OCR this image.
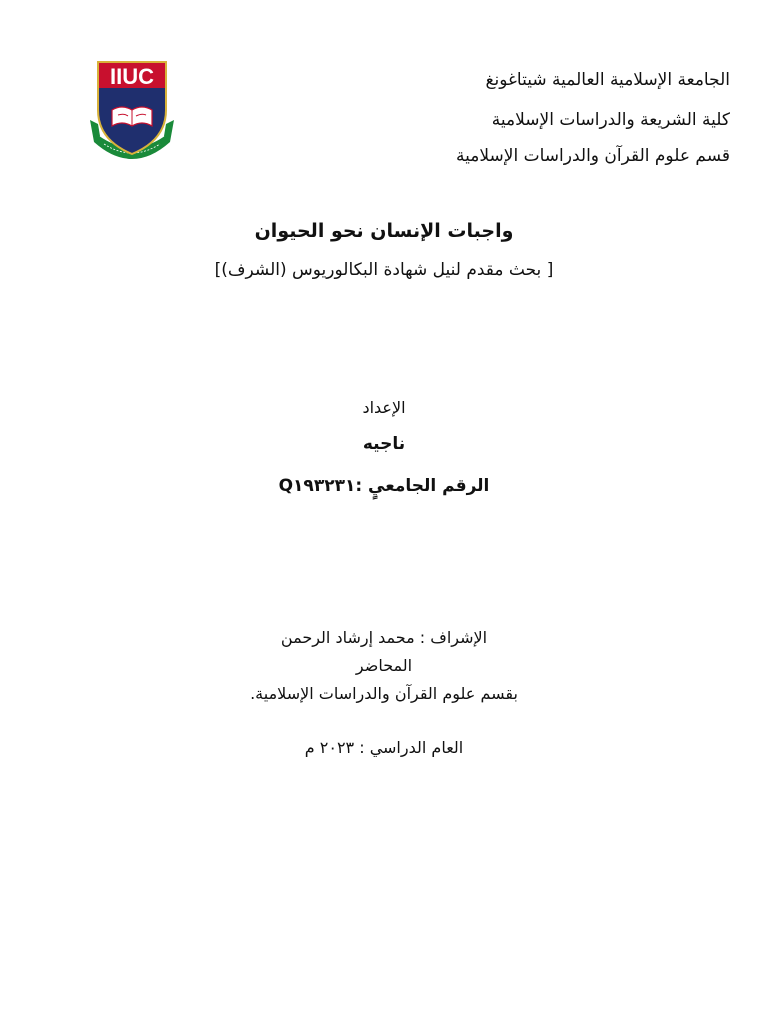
IIUC	الجامعة الإسلامية العالمية شيتاغونغ
كلية الشريعة والدراسات الإسلامية
قسم علوم القرآن والدراسات الإسلامية
واجبات الإنسان نحو الحيوان
[ بحث مقدم لنيل شهادة البكالوريوس (الشرف)]
الإعداد
ناجيه
الرقم الجامعيٍ :Q١٩٣٢٣١
الإشراف : محمد إرشاد الرحمن
المحاضر
بقسم علوم القرآن والدراسات الإسلامية.
العام الدراسي : ٢٠٢٣ م
